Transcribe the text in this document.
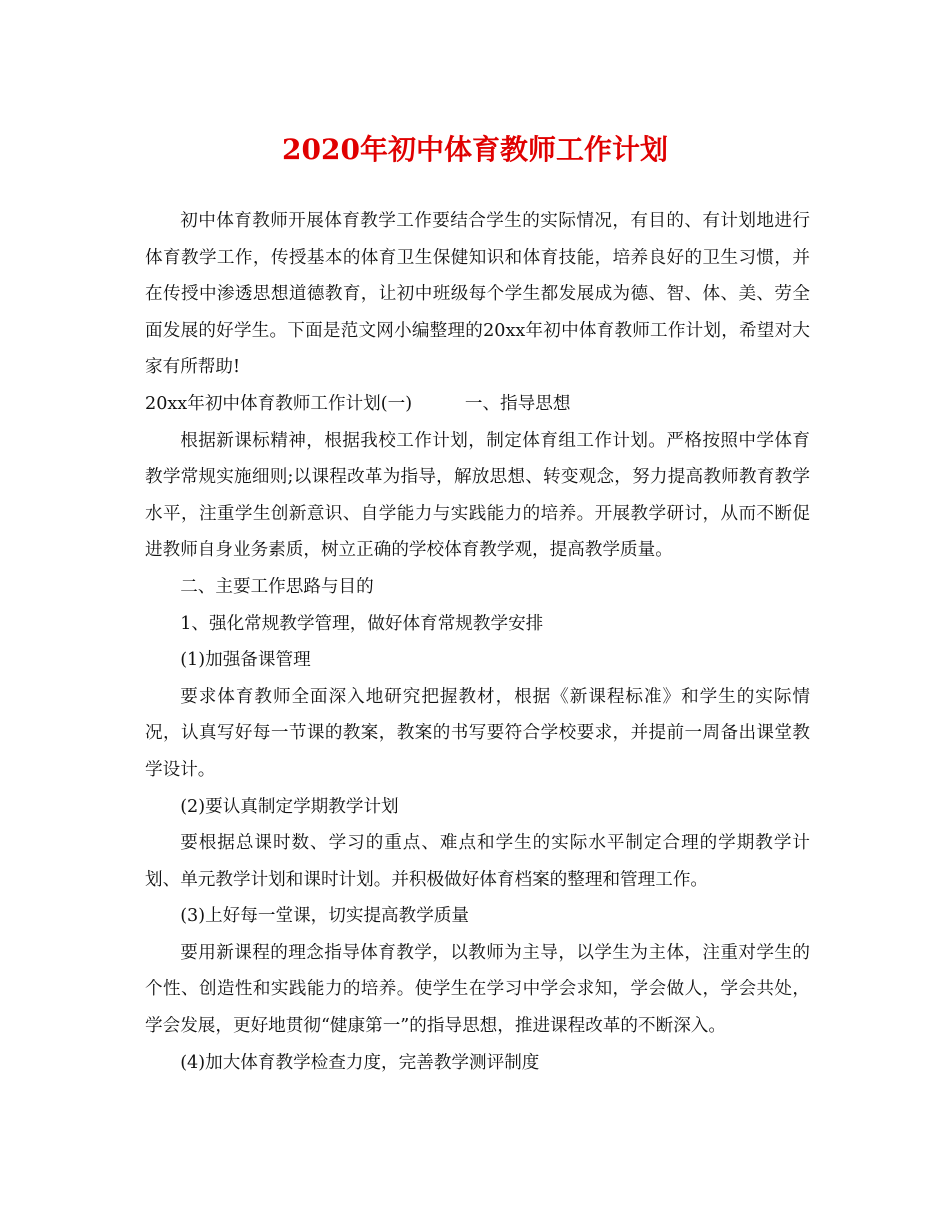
2020年初中体育教师工作计划

初中体育教师开展体育教学工作要结合学生的实际情况，有目的、有计划地进行体育教学工作，传授基本的体育卫生保健知识和体育技能，培养良好的卫生习惯，并在传授中渗透思想道德教育，让初中班级每个学生都发展成为德、智、体、美、劳全面发展的好学生。下面是范文网小编整理的20xx年初中体育教师工作计划，希望对大家有所帮助!

20xx年初中体育教师工作计划(一)　　　一、指导思想

根据新课标精神，根据我校工作计划，制定体育组工作计划。严格按照中学体育教学常规实施细则;以课程改革为指导，解放思想、转变观念，努力提高教师教育教学水平，注重学生创新意识、自学能力与实践能力的培养。开展教学研讨，从而不断促进教师自身业务素质，树立正确的学校体育教学观，提高教学质量。

二、主要工作思路与目的

1、强化常规教学管理，做好体育常规教学安排

(1)加强备课管理

要求体育教师全面深入地研究把握教材，根据《新课程标准》和学生的实际情况，认真写好每一节课的教案，教案的书写要符合学校要求，并提前一周备出课堂教学设计。

(2)要认真制定学期教学计划

要根据总课时数、学习的重点、难点和学生的实际水平制定合理的学期教学计划、单元教学计划和课时计划。并积极做好体育档案的整理和管理工作。

(3)上好每一堂课，切实提高教学质量

要用新课程的理念指导体育教学，以教师为主导，以学生为主体，注重对学生的个性、创造性和实践能力的培养。使学生在学习中学会求知，学会做人，学会共处，学会发展，更好地贯彻“健康第一”的指导思想，推进课程改革的不断深入。

(4)加大体育教学检查力度，完善教学测评制度
